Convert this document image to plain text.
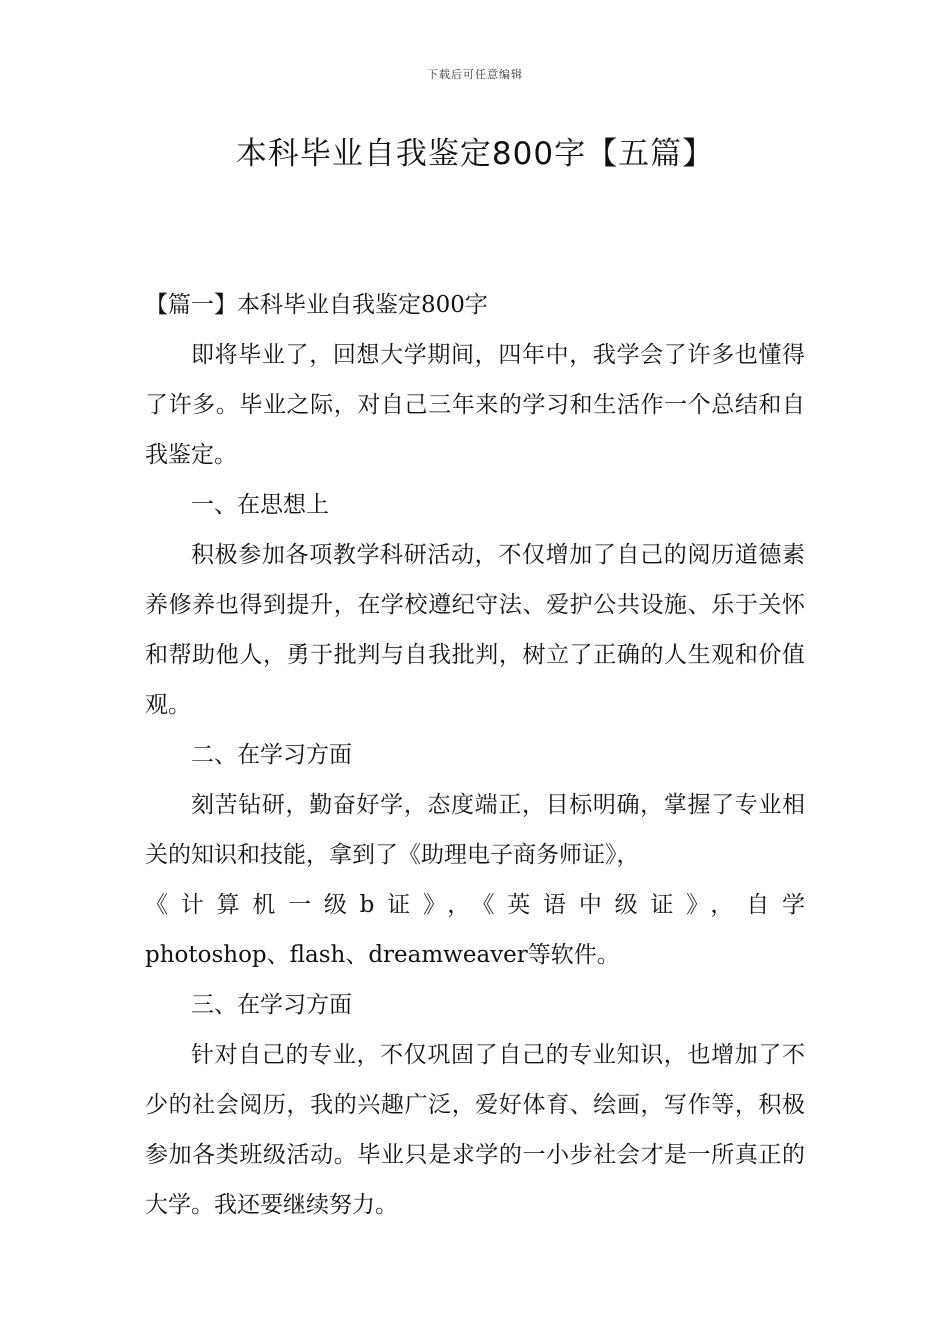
下载后可任意编辑
本科毕业自我鉴定800字【五篇】

【篇一】本科毕业自我鉴定800字

即将毕业了，回想大学期间，四年中，我学会了许多也懂得了许多。毕业之际，对自己三年来的学习和生活作一个总结和自我鉴定。

一、在思想上

积极参加各项教学科研活动，不仅增加了自己的阅历道德素养修养也得到提升，在学校遵纪守法、爱护公共设施、乐于关怀和帮助他人，勇于批判与自我批判，树立了正确的人生观和价值观。

二、在学习方面

刻苦钻研，勤奋好学，态度端正，目标明确，掌握了专业相关的知识和技能，拿到了《助理电子商务师证》，

《计算机一级b证》，《英语中级证》，自学

photoshop、flash、dreamweaver等软件。

三、在学习方面

针对自己的专业，不仅巩固了自己的专业知识，也增加了不少的社会阅历，我的兴趣广泛，爱好体育、绘画，写作等，积极参加各类班级活动。毕业只是求学的一小步社会才是一所真正的大学。我还要继续努力。
